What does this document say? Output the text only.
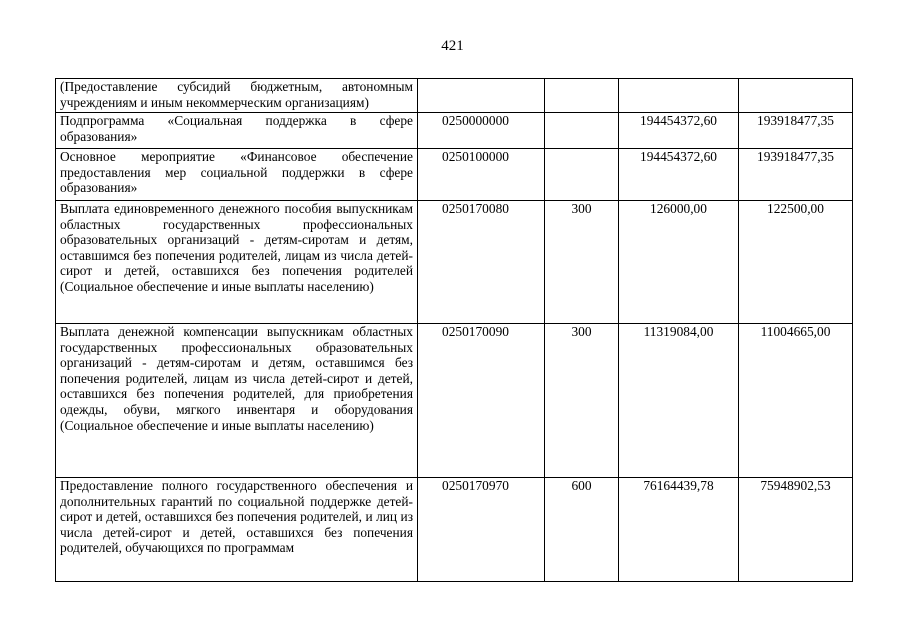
421
(Предоставление субсидий бюджетным, автономным учреждениям и иным некоммерческим организациям)				
Подпрограмма «Социальная поддержка в сфере образования»	0250000000		194454372,60	193918477,35
Основное мероприятие «Финансовое обеспечение предоставления мер социальной поддержки в сфере образования»	0250100000		194454372,60	193918477,35
Выплата единовременного денежного пособия выпускникам областных государственных профессиональных образовательных организаций - детям-сиротам и детям, оставшимся без попечения родителей, лицам из числа детей-сирот и детей, оставшихся без попечения родителей (Социальное обеспечение и иные выплаты населению)	0250170080	300	126000,00	122500,00
Выплата денежной компенсации выпускникам областных государственных профессиональных образовательных организаций - детям-сиротам и детям, оставшимся без попечения родителей, лицам из числа детей-сирот и детей, оставшихся без попечения родителей, для приобретения одежды, обуви, мягкого инвентаря и оборудования (Социальное обеспечение и иные выплаты населению)	0250170090	300	11319084,00	11004665,00
Предоставление полного государственного обеспечения и дополнительных гарантий по социальной поддержке детей-сирот и детей, оставшихся без попечения родителей, и лиц из числа детей-сирот и детей, оставшихся без попечения родителей, обучающихся по программам	0250170970	600	76164439,78	75948902,53
